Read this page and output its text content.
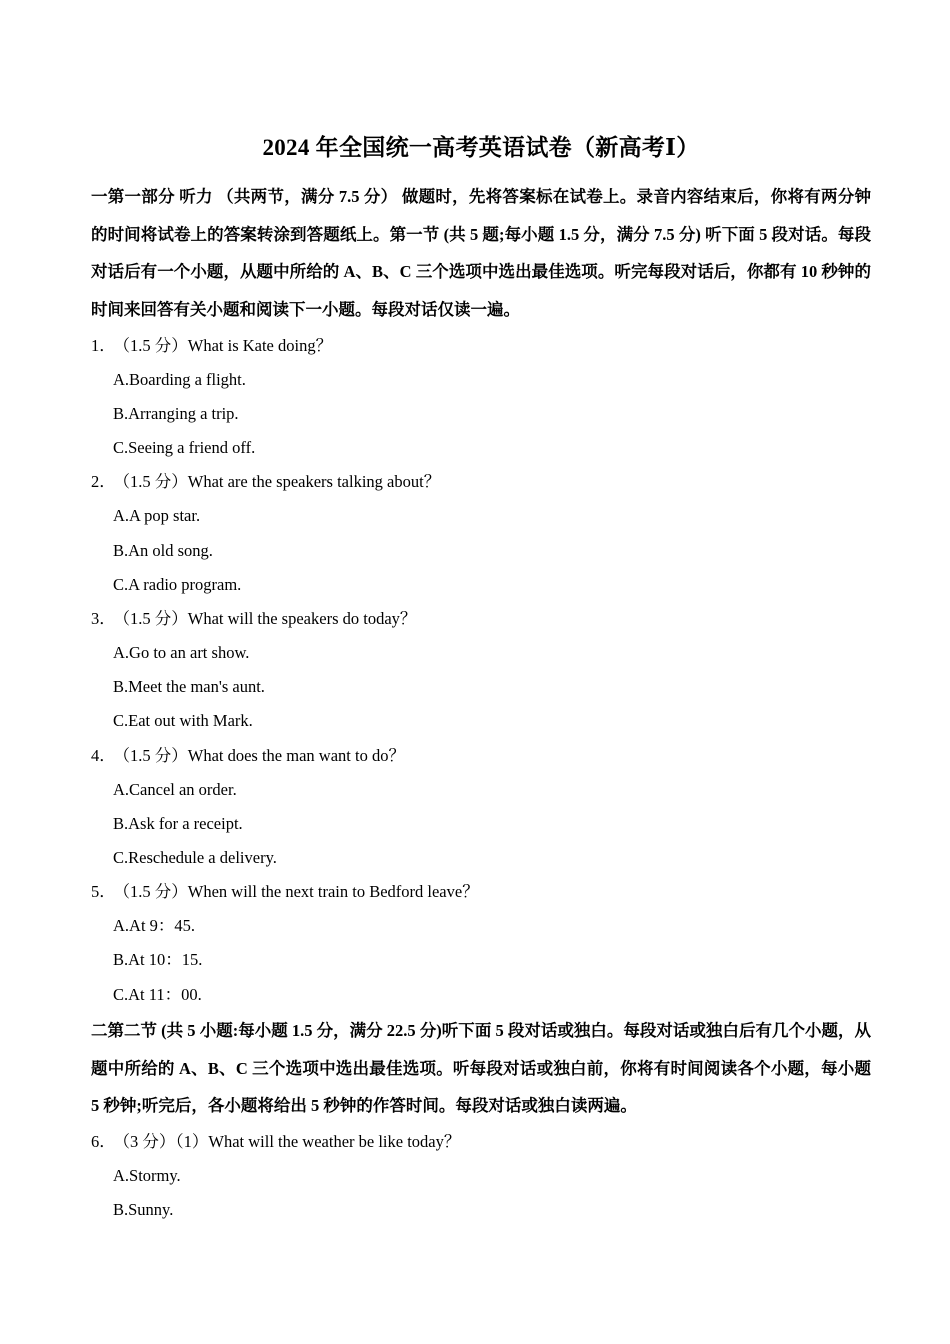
2024 年全国统一高考英语试卷（新高考Ⅰ）

一第一部分 听力 （共两节，满分 7.5 分） 做题时，先将答案标在试卷上。录音内容结束后，你将有两分钟的时间将试卷上的答案转涂到答题纸上。第一节 (共 5 题;每小题 1.5 分，满分 7.5 分) 听下面 5 段对话。每段对话后有一个小题，从题中所给的 A、B、C 三个选项中选出最佳选项。听完每段对话后，你都有 10 秒钟的时间来回答有关小题和阅读下一小题。每段对话仅读一遍。

1． （1.5 分）What is Kate doing？

A.Boarding a flight.

B.Arranging a trip.

C.Seeing a friend off.

2． （1.5 分）What are the speakers talking about？

A.A pop star.

B.An old song.

C.A radio program.

3． （1.5 分）What will the speakers do today？

A.Go to an art show.

B.Meet the man's aunt.

C.Eat out with Mark.

4． （1.5 分）What does the man want to do？

A.Cancel an order.

B.Ask for a receipt.

C.Reschedule a delivery.

5． （1.5 分）When will the next train to Bedford leave？

A.At 9：45.

B.At 10：15.

C.At 11：00.

二第二节 (共 5 小题:每小题 1.5 分，满分 22.5 分)听下面 5 段对话或独白。每段对话或独白后有几个小题，从题中所给的 A、B、C 三个选项中选出最佳选项。听每段对话或独白前，你将有时间阅读各个小题，每小题 5 秒钟;听完后，各小题将给出 5 秒钟的作答时间。每段对话或独白读两遍。

6． （3 分）（1）What will the weather be like today？

A.Stormy.

B.Sunny.
